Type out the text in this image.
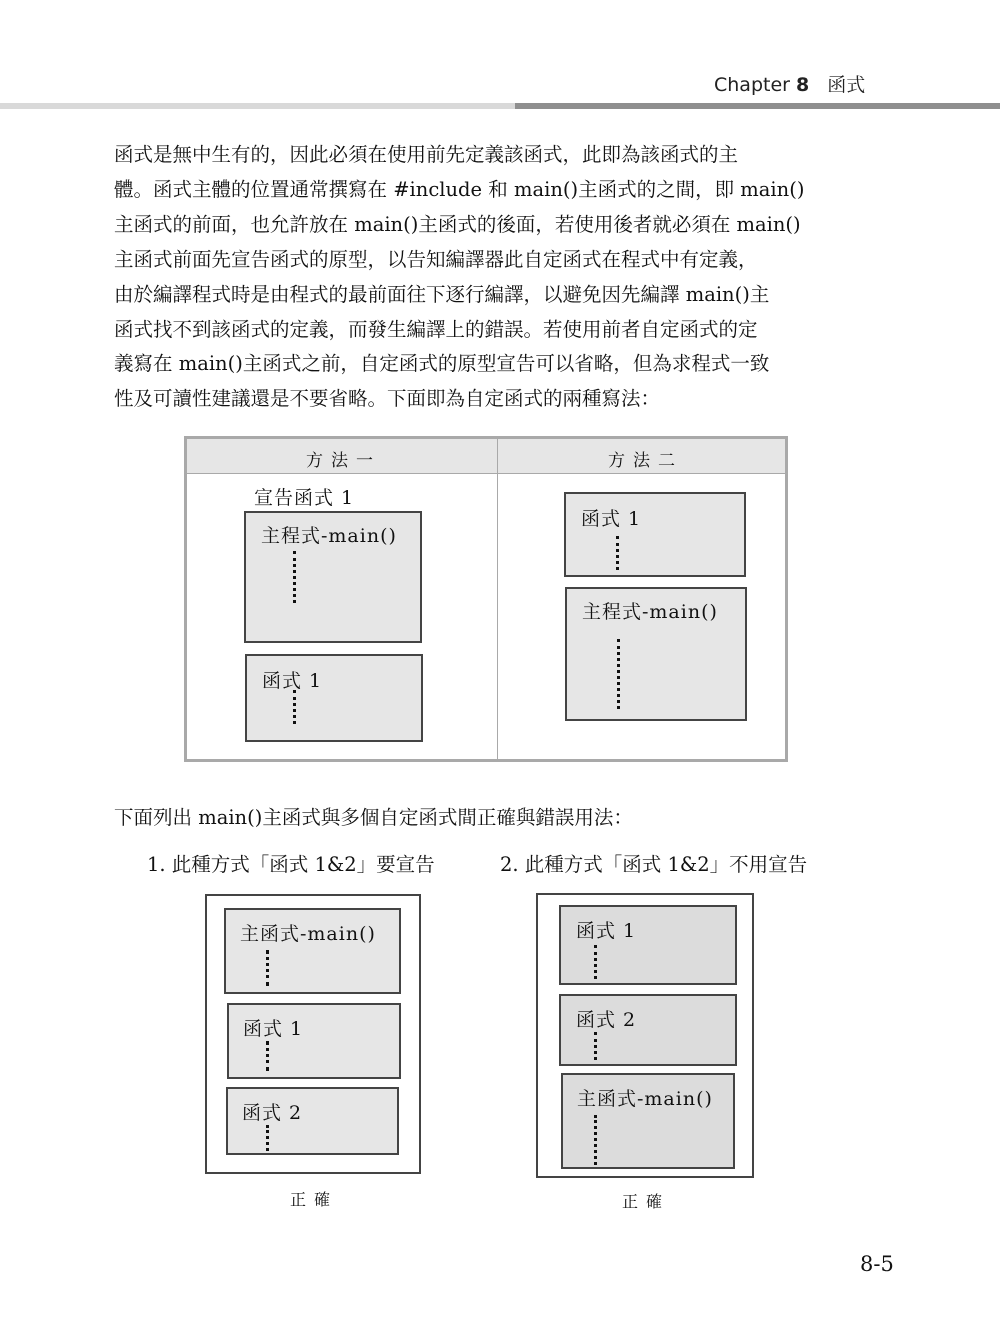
Chapter 8 函式
函式是無中生有的，因此必須在使用前先定義該函式，此即為該函式的主
體。函式主體的位置通常撰寫在 #include 和 main()主函式的之間，即 main()
主函式的前面，也允許放在 main()主函式的後面，若使用後者就必須在 main()
主函式前面先宣告函式的原型，以告知編譯器此自定函式在程式中有定義，
由於編譯程式時是由程式的最前面往下逐行編譯，以避免因先編譯 main()主
函式找不到該函式的定義，而發生編譯上的錯誤。若使用前者自定函式的定
義寫在 main()主函式之前，自定函式的原型宣告可以省略，但為求程式一致
性及可讀性建議還是不要省略。下面即為自定函式的兩種寫法：
方法一	方法二
宣告函式 1
主程式-main()
函式 1
函式 1
主程式-main()
下面列出 main()主函式與多個自定函式間正確與錯誤用法：
1. 此種方式「函式 1&2」要宣告	2. 此種方式「函式 1&2」不用宣告
主函式-main()
函式 1
函式 2
正確
函式 1
函式 2
主函式-main()
正確
8-5
